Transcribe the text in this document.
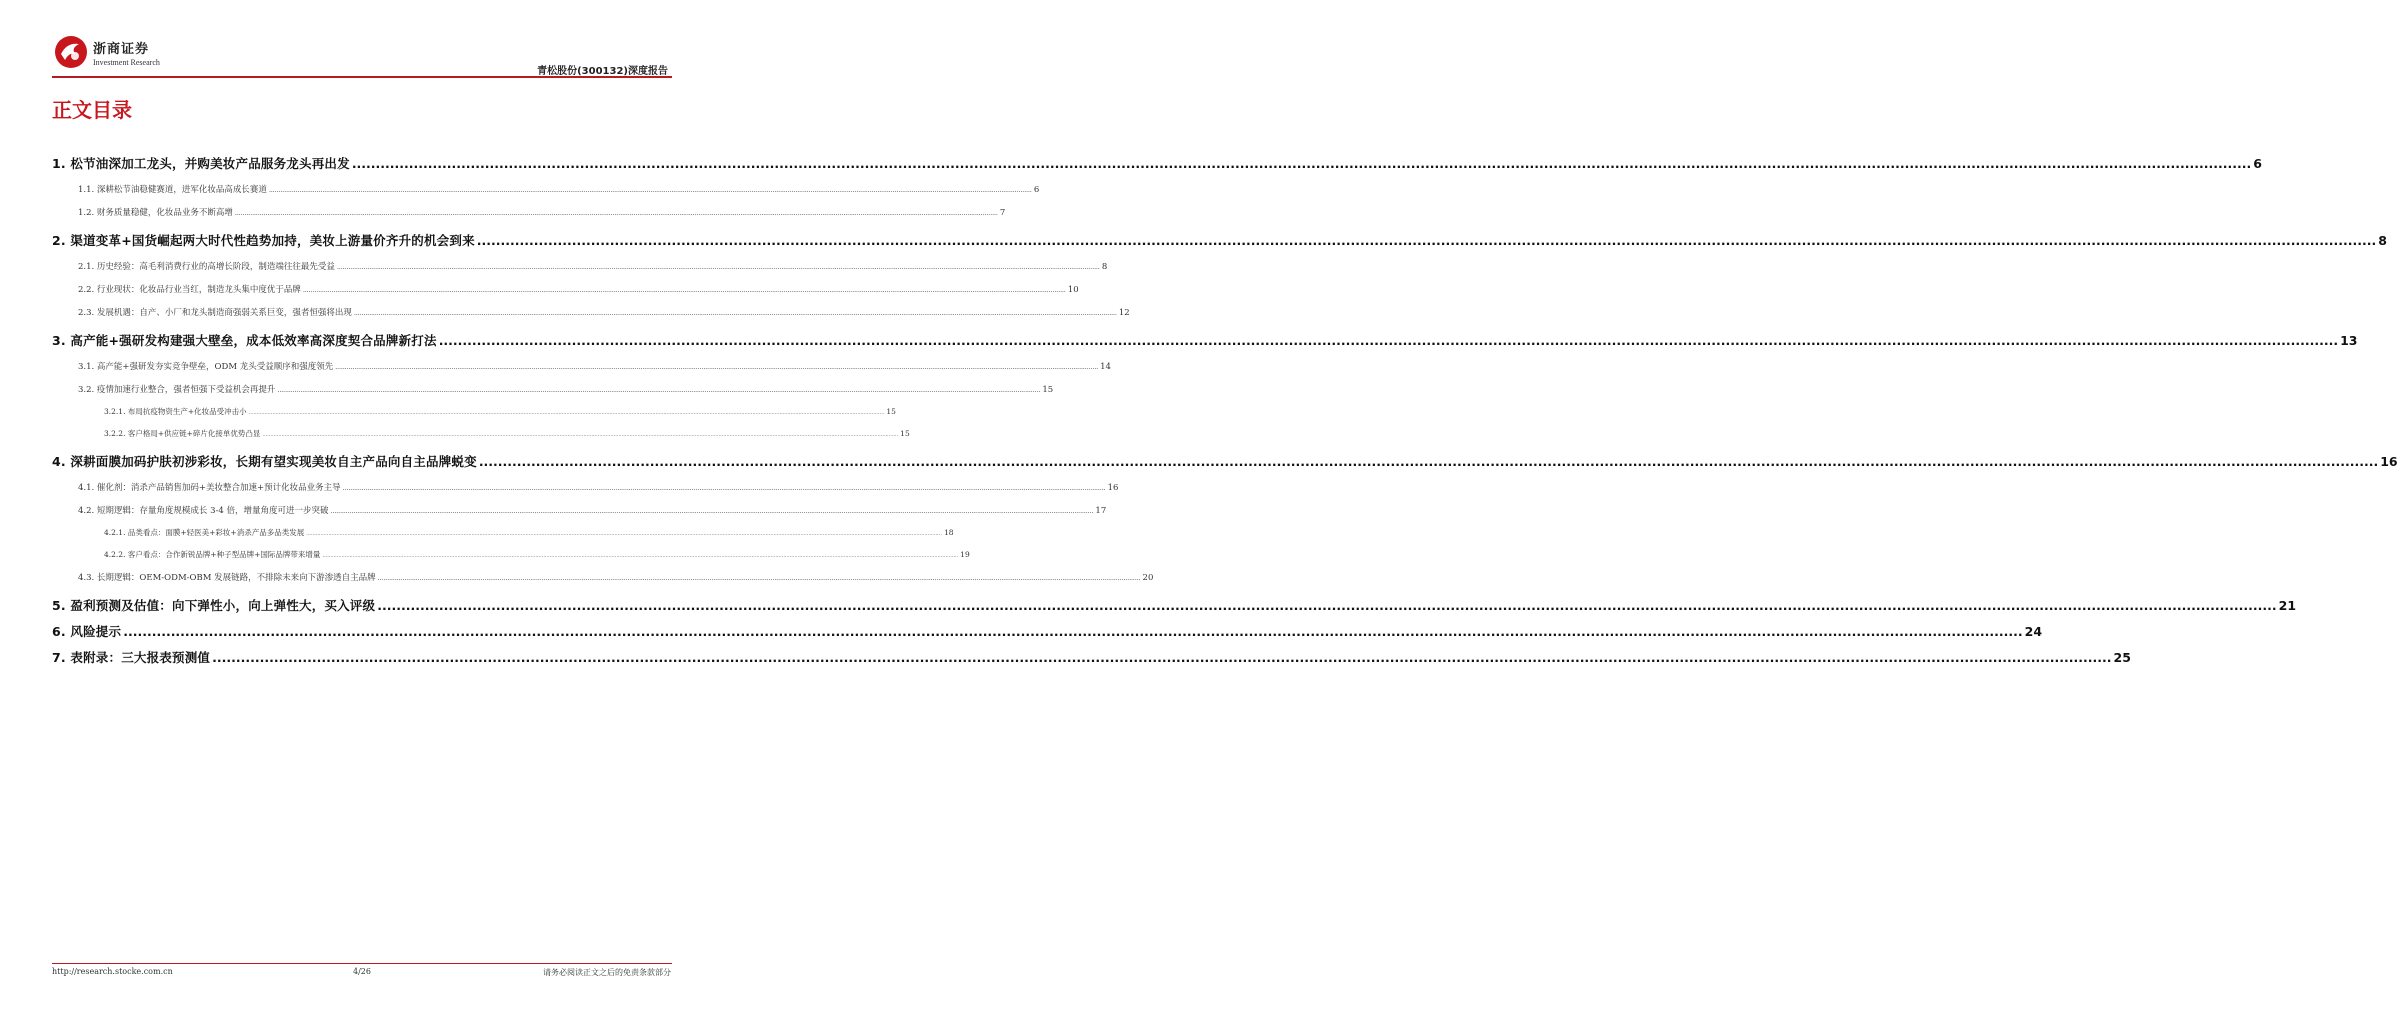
浙商证券
Investment Research
青松股份(300132)深度报告
正文目录
1. 松节油深加工龙头，并购美妆产品服务龙头再出发 ................................................................................................................................................................................................................................................................................................................................................................................................................ 6
1.1. 深耕松节油稳健赛道，进军化妆品高成长赛道 ................................................................................................................................................................................................................................................................................................................................................................................................................ 6
1.2. 财务质量稳健，化妆品业务不断高增 ................................................................................................................................................................................................................................................................................................................................................................................................................ 7
2. 渠道变革+国货崛起两大时代性趋势加持，美妆上游量价齐升的机会到来 ................................................................................................................................................................................................................................................................................................................................................................................................................ 8
2.1. 历史经验：高毛利消费行业的高增长阶段，制造端往往最先受益 ................................................................................................................................................................................................................................................................................................................................................................................................................ 8
2.2. 行业现状：化妆品行业当红，制造龙头集中度优于品牌 ................................................................................................................................................................................................................................................................................................................................................................................................................ 10
2.3. 发展机遇：自产、小厂和龙头制造商强弱关系巨变，强者恒强将出现 ................................................................................................................................................................................................................................................................................................................................................................................................................ 12
3. 高产能+强研发构建强大壁垒，成本低效率高深度契合品牌新打法 ................................................................................................................................................................................................................................................................................................................................................................................................................ 13
3.1. 高产能+强研发夯实竞争壁垒，ODM 龙头受益顺序和强度领先 ................................................................................................................................................................................................................................................................................................................................................................................................................ 14
3.2. 疫情加速行业整合，强者恒强下受益机会再提升 ................................................................................................................................................................................................................................................................................................................................................................................................................ 15
3.2.1. 布局抗疫物资生产+化妆品受冲击小 ................................................................................................................................................................................................................................................................................................................................................................................................................ 15
3.2.2. 客户格局+供应链+碎片化接单优势凸显 ................................................................................................................................................................................................................................................................................................................................................................................................................ 15
4. 深耕面膜加码护肤初涉彩妆，长期有望实现美妆自主产品向自主品牌蜕变 ................................................................................................................................................................................................................................................................................................................................................................................................................ 16
4.1. 催化剂：消杀产品销售加码+美妆整合加速+预计化妆品业务主导 ................................................................................................................................................................................................................................................................................................................................................................................................................ 16
4.2. 短期逻辑：存量角度规模成长 3-4 倍，增量角度可进一步突破 ................................................................................................................................................................................................................................................................................................................................................................................................................ 17
4.2.1. 品类看点：面膜+轻医美+彩妆+消杀产品多品类发展 ................................................................................................................................................................................................................................................................................................................................................................................................................ 18
4.2.2. 客户看点：合作新锐品牌+种子型品牌+国际品牌带来增量 ................................................................................................................................................................................................................................................................................................................................................................................................................ 19
4.3. 长期逻辑：OEM-ODM-OBM 发展链路，不排除未来向下游渗透自主品牌 ................................................................................................................................................................................................................................................................................................................................................................................................................ 20
5. 盈利预测及估值：向下弹性小，向上弹性大，买入评级 ................................................................................................................................................................................................................................................................................................................................................................................................................ 21
6. 风险提示 ................................................................................................................................................................................................................................................................................................................................................................................................................ 24
7. 表附录：三大报表预测值 ................................................................................................................................................................................................................................................................................................................................................................................................................ 25
http://research.stocke.com.cn	4/26	请务必阅读正文之后的免责条款部分
